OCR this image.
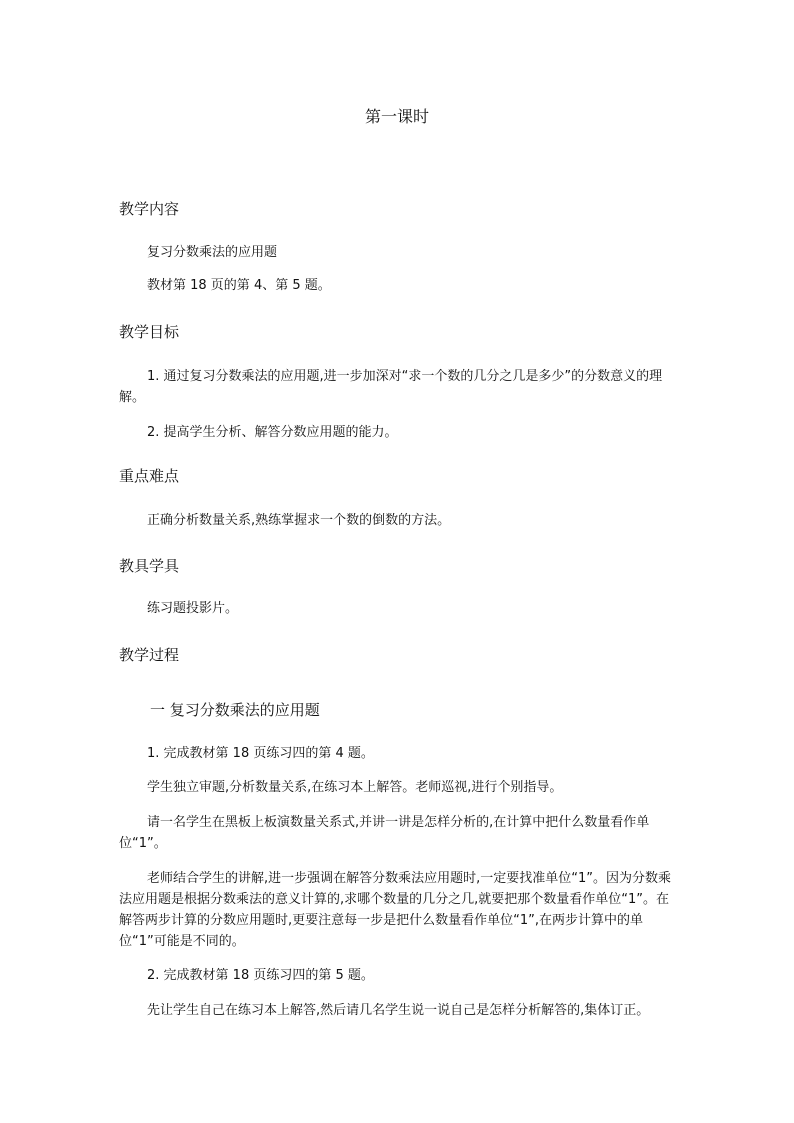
第一课时
教学内容
复习分数乘法的应用题
教材第 18 页的第 4、第 5 题。
教学目标
1. 通过复习分数乘法的应用题,进一步加深对“求一个数的几分之几是多少”的分数意义的理解。
2. 提高学生分析、解答分数应用题的能力。
重点难点
正确分析数量关系,熟练掌握求一个数的倒数的方法。
教具学具
练习题投影片。
教学过程
一 复习分数乘法的应用题
1. 完成教材第 18 页练习四的第 4 题。
学生独立审题,分析数量关系,在练习本上解答。老师巡视,进行个别指导。
请一名学生在黑板上板演数量关系式,并讲一讲是怎样分析的,在计算中把什么数量看作单位“1”。
老师结合学生的讲解,进一步强调在解答分数乘法应用题时,一定要找准单位“1”。因为分数乘法应用题是根据分数乘法的意义计算的,求哪个数量的几分之几,就要把那个数量看作单位“1”。在解答两步计算的分数应用题时,更要注意每一步是把什么数量看作单位“1”,在两步计算中的单位“1”可能是不同的。
2. 完成教材第 18 页练习四的第 5 题。
先让学生自己在练习本上解答,然后请几名学生说一说自己是怎样分析解答的,集体订正。
